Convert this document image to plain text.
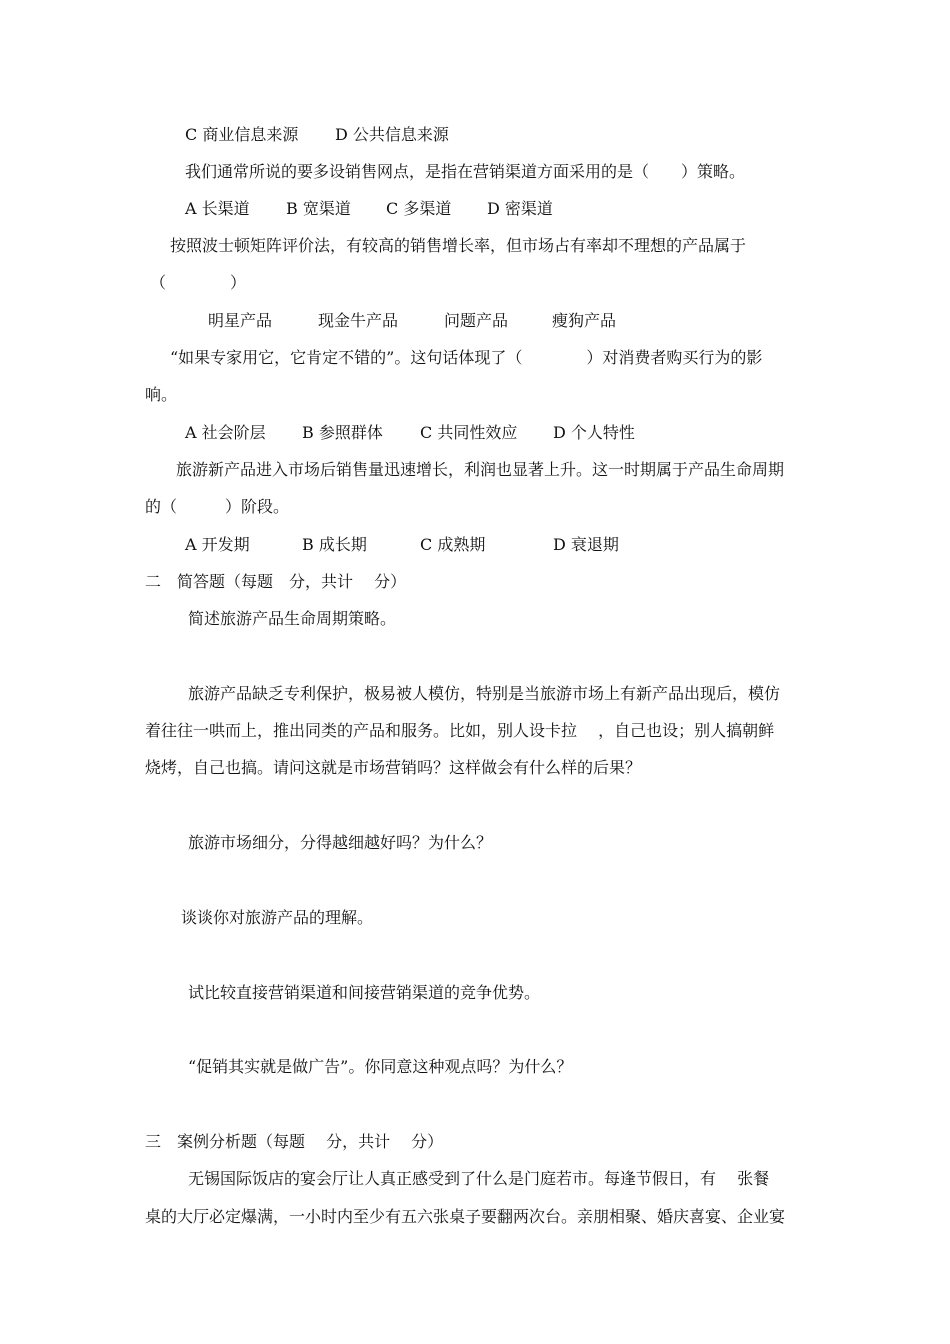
C 商业信息来源 D 公共信息来源
我们通常所说的要多设销售网点，是指在营销渠道方面采用的是（　　）策略。
A 长渠道 B 宽渠道 C 多渠道 D 密渠道
按照波士顿矩阵评价法，有较高的销售增长率，但市场占有率却不理想的产品属于
（　　　　）
明星产品	现金牛产品	问题产品	瘦狗产品
“如果专家用它，它肯定不错的”。这句话体现了（　　　　）对消费者购买行为的影
响。
A 社会阶层 B 参照群体 C 共同性效应 D 个人特性
旅游新产品进入市场后销售量迅速增长，利润也显著上升。这一时期属于产品生命周期
的（　　　）阶段。
A 开发期	B 成长期	C 成熟期	D 衰退期
二　简答题（每题　分，共计　 分）
简述旅游产品生命周期策略。
旅游产品缺乏专利保护，极易被人模仿，特别是当旅游市场上有新产品出现后，模仿
着往往一哄而上，推出同类的产品和服务。比如，别人设卡拉　 ，自己也设；别人搞朝鲜
烧烤，自己也搞。请问这就是市场营销吗？这样做会有什么样的后果？
旅游市场细分，分得越细越好吗？为什么？
谈谈你对旅游产品的理解。
试比较直接营销渠道和间接营销渠道的竞争优势。
“促销其实就是做广告”。你同意这种观点吗？为什么？
三　案例分析题（每题　 分，共计　 分）
无锡国际饭店的宴会厅让人真正感受到了什么是门庭若市。每逢节假日，有　 张餐
桌的大厅必定爆满，一小时内至少有五六张桌子要翻两次台。亲朋相聚、婚庆喜宴、企业宴
